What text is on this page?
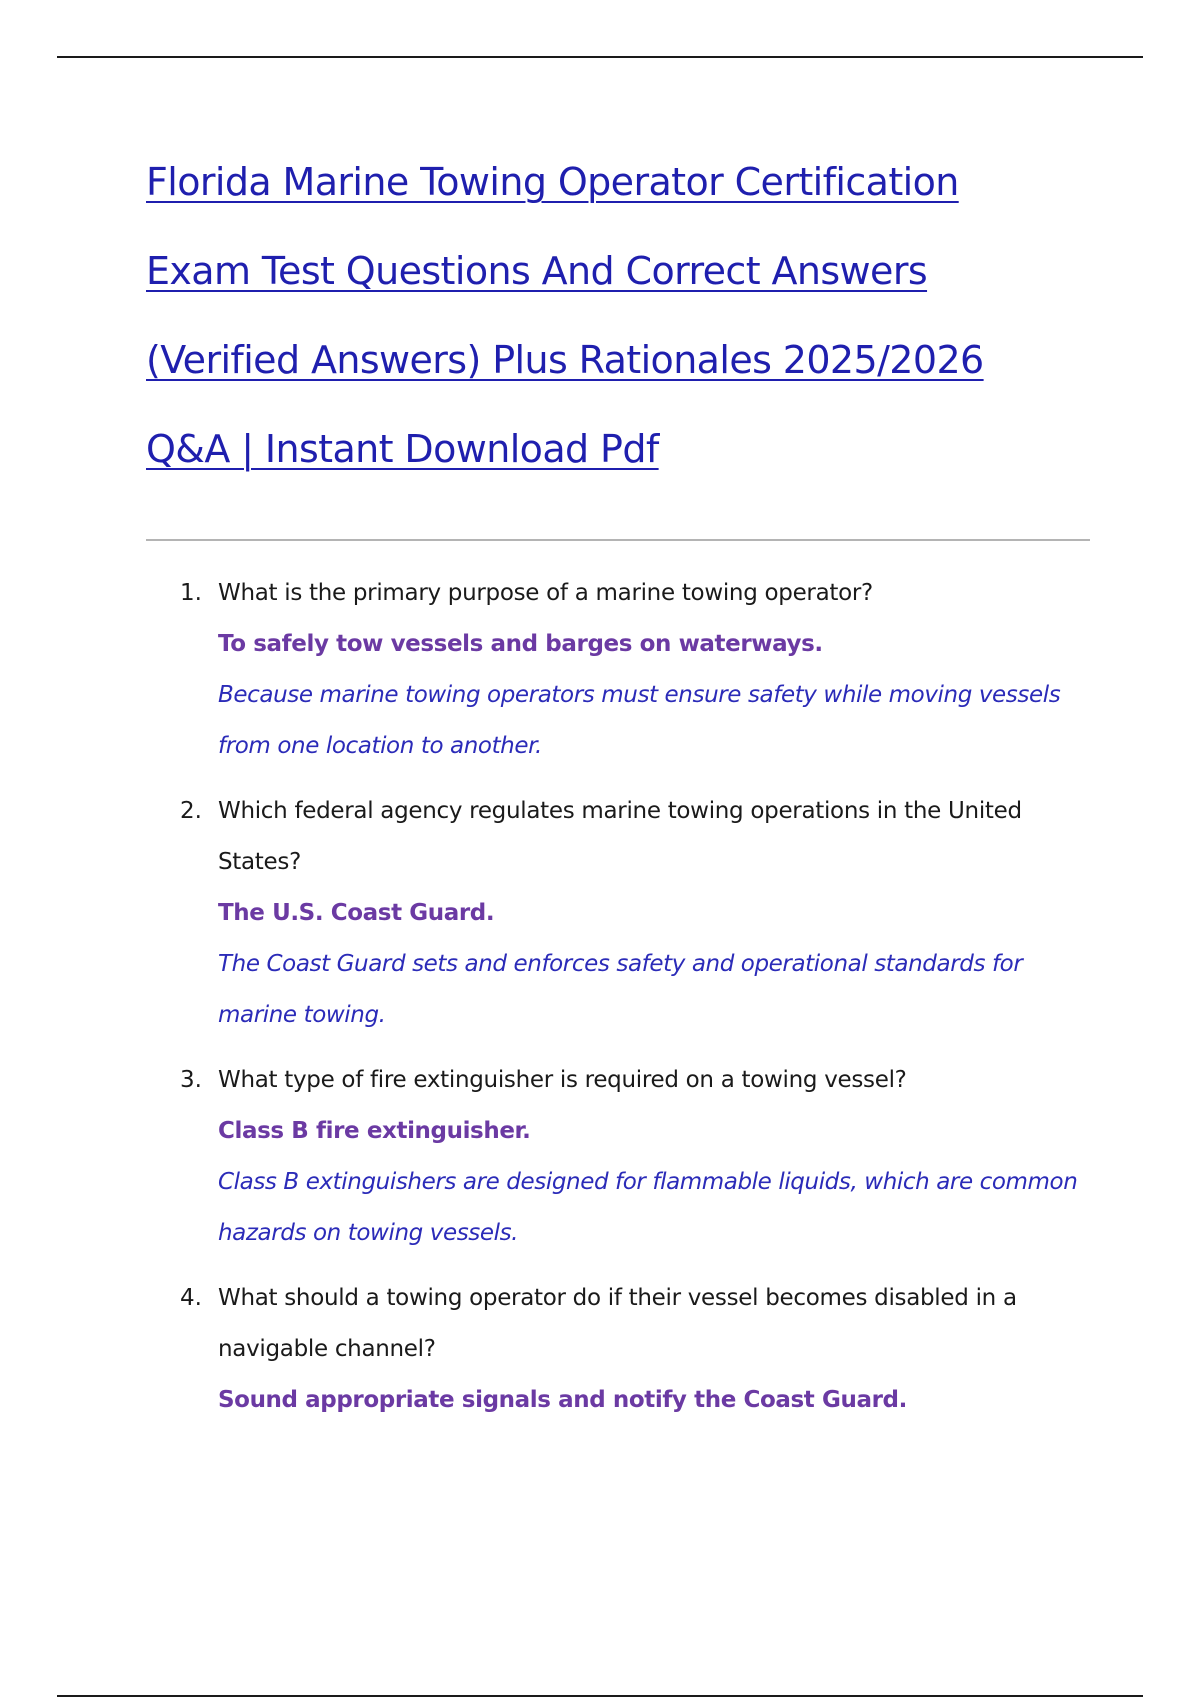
Florida Marine Towing Operator Certification
Exam Test Questions And Correct Answers
(Verified Answers) Plus Rationales 2025/2026
Q&A | Instant Download Pdf
1. What is the primary purpose of a marine towing operator?
To safely tow vessels and barges on waterways.
Because marine towing operators must ensure safety while moving vessels from one location to another.
2. Which federal agency regulates marine towing operations in the United States?
The U.S. Coast Guard.
The Coast Guard sets and enforces safety and operational standards for marine towing.
3. What type of fire extinguisher is required on a towing vessel?
Class B fire extinguisher.
Class B extinguishers are designed for flammable liquids, which are common hazards on towing vessels.
4. What should a towing operator do if their vessel becomes disabled in a navigable channel?
Sound appropriate signals and notify the Coast Guard.
